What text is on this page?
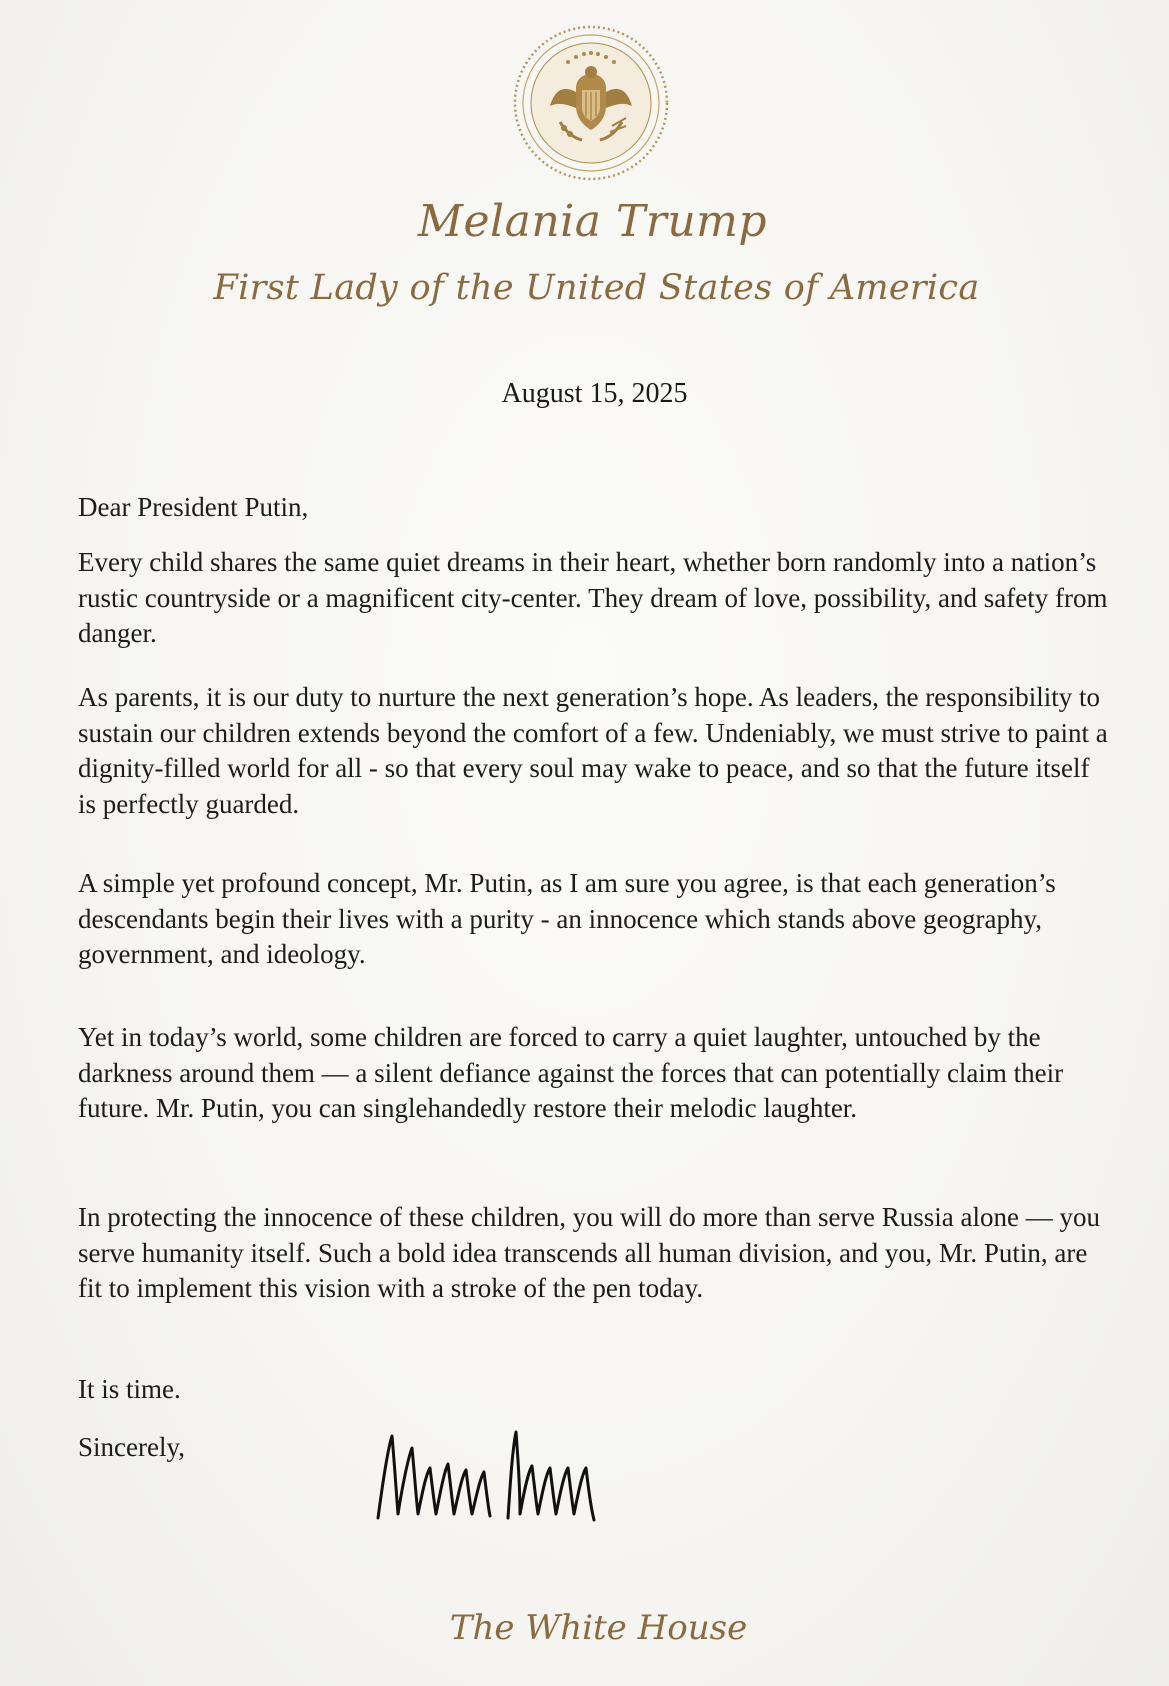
Melania Trump
First Lady of the United States of America
August 15, 2025

Dear President Putin,

Every child shares the same quiet dreams in their heart, whether born randomly into a nation’s rustic countryside or a magnificent city-center. They dream of love, possibility, and safety from danger.

As parents, it is our duty to nurture the next generation’s hope. As leaders, the responsibility to sustain our children extends beyond the comfort of a few. Undeniably, we must strive to paint a dignity-filled world for all - so that every soul may wake to peace, and so that the future itself is perfectly guarded.

A simple yet profound concept, Mr. Putin, as I am sure you agree, is that each generation’s descendants begin their lives with a purity - an innocence which stands above geography, government, and ideology.

Yet in today’s world, some children are forced to carry a quiet laughter, untouched by the darkness around them — a silent defiance against the forces that can potentially claim their future. Mr. Putin, you can singlehandedly restore their melodic laughter.

In protecting the innocence of these children, you will do more than serve Russia alone — you serve humanity itself. Such a bold idea transcends all human division, and you, Mr. Putin, are fit to implement this vision with a stroke of the pen today.

It is time.

Sincerely,

The White House
